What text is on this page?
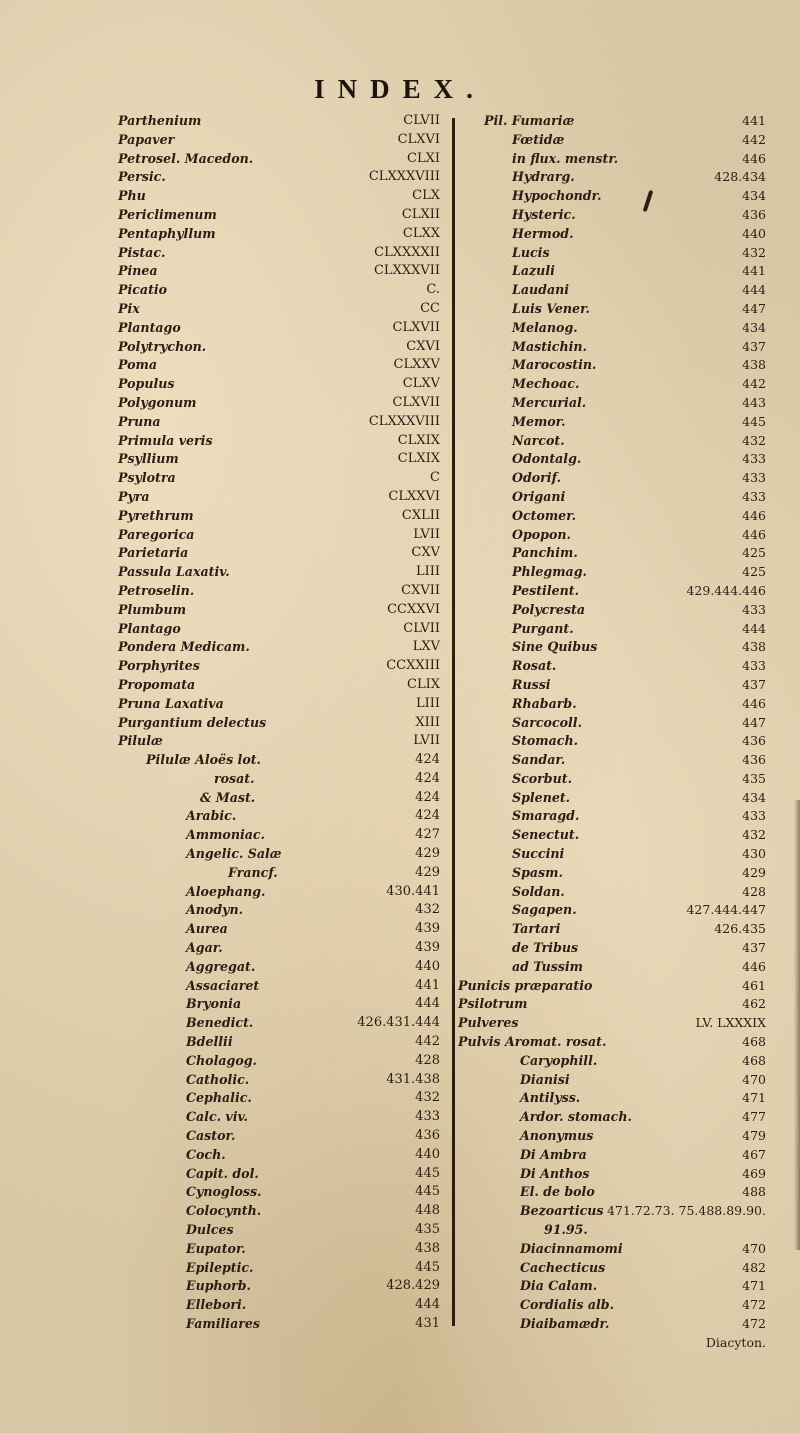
INDEX.
Parthenium	CLVII
Papaver	CLXVI
Petrosel. Macedon.	CLXI
Persic.	CLXXXVIII
Phu	CLX
Periclimenum	CLXII
Pentaphyllum	CLXX
Pistac.	CLXXXXII
Pinea	CLXXXVII
Picatio	C.
Pix	CC
Plantago	CLXVII
Polytrychon.	CXVI
Poma	CLXXV
Populus	CLXV
Polygonum	CLXVII
Pruna	CLXXXVIII
Primula veris	CLXIX
Psyllium	CLXIX
Psylotra	C
Pyra	CLXXVI
Pyrethrum	CXLII
Paregorica	LVII
Parietaria	CXV
Passula Laxativ.	LIII
Petroselin.	CXVII
Plumbum	CCXXVI
Plantago	CLVII
Pondera Medicam.	LXV
Porphyrites	CCXXIII
Propomata	CLIX
Pruna Laxativa	LIII
Purgantium delectus	XIII
Pilulæ	LVII
Pilulæ Aloës lot.	424
rosat.	424
& Mast.	424
Arabic.	424
Ammoniac.	427
Angelic. Salæ	429
Francf.	429
Aloephang.	430.441
Anodyn.	432
Aurea	439
Agar.	439
Aggregat.	440
Assaciaret	441
Bryonia	444
Benedict.	426.431.444
Bdellii	442
Cholagog.	428
Catholic.	431.438
Cephalic.	432
Calc. viv.	433
Castor.	436
Coch.	440
Capit. dol.	445
Cynogloss.	445
Colocynth.	448
Dulces	435
Eupator.	438
Epileptic.	445
Euphorb.	428.429
Ellebori.	444
Familiares	431
Pil. Fumariæ	441
Fœtidæ	442
in flux. menstr.	446
Hydrarg.	428.434
Hypochondr.	434
Hysteric.	436
Hermod.	440
Lucis	432
Lazuli	441
Laudani	444
Luis Vener.	447
Melanog.	434
Mastichin.	437
Marocostin.	438
Mechoac.	442
Mercurial.	443
Memor.	445
Narcot.	432
Odontalg.	433
Odorif.	433
Origani	433
Octomer.	446
Opopon.	446
Panchim.	425
Phlegmag.	425
Pestilent.	429.444.446
Polycresta	433
Purgant.	444
Sine Quibus	438
Rosat.	433
Russi	437
Rhabarb.	446
Sarcocoll.	447
Stomach.	436
Sandar.	436
Scorbut.	435
Splenet.	434
Smaragd.	433
Senectut.	432
Succini	430
Spasm.	429
Soldan.	428
Sagapen.	427.444.447
Tartari	426.435
de Tribus	437
ad Tussim	446
Punicis præparatio	461
Psilotrum	462
Pulveres	LV. LXXXIX
Pulvis Aromat. rosat.	468
Caryophill.	468
Dianisi	470
Antilyss.	471
Ardor. stomach.	477
Anonymus	479
Di Ambra	467
Di Anthos	469
El. de bolo	488
Bezoarticus 471.72.73. 75.488.89.90.
91.95.
Diacinnamomi	470
Cachecticus	482
Dia Calam.	471
Cordialis alb.	472
Diaibamædr.	472
Diacyton.
